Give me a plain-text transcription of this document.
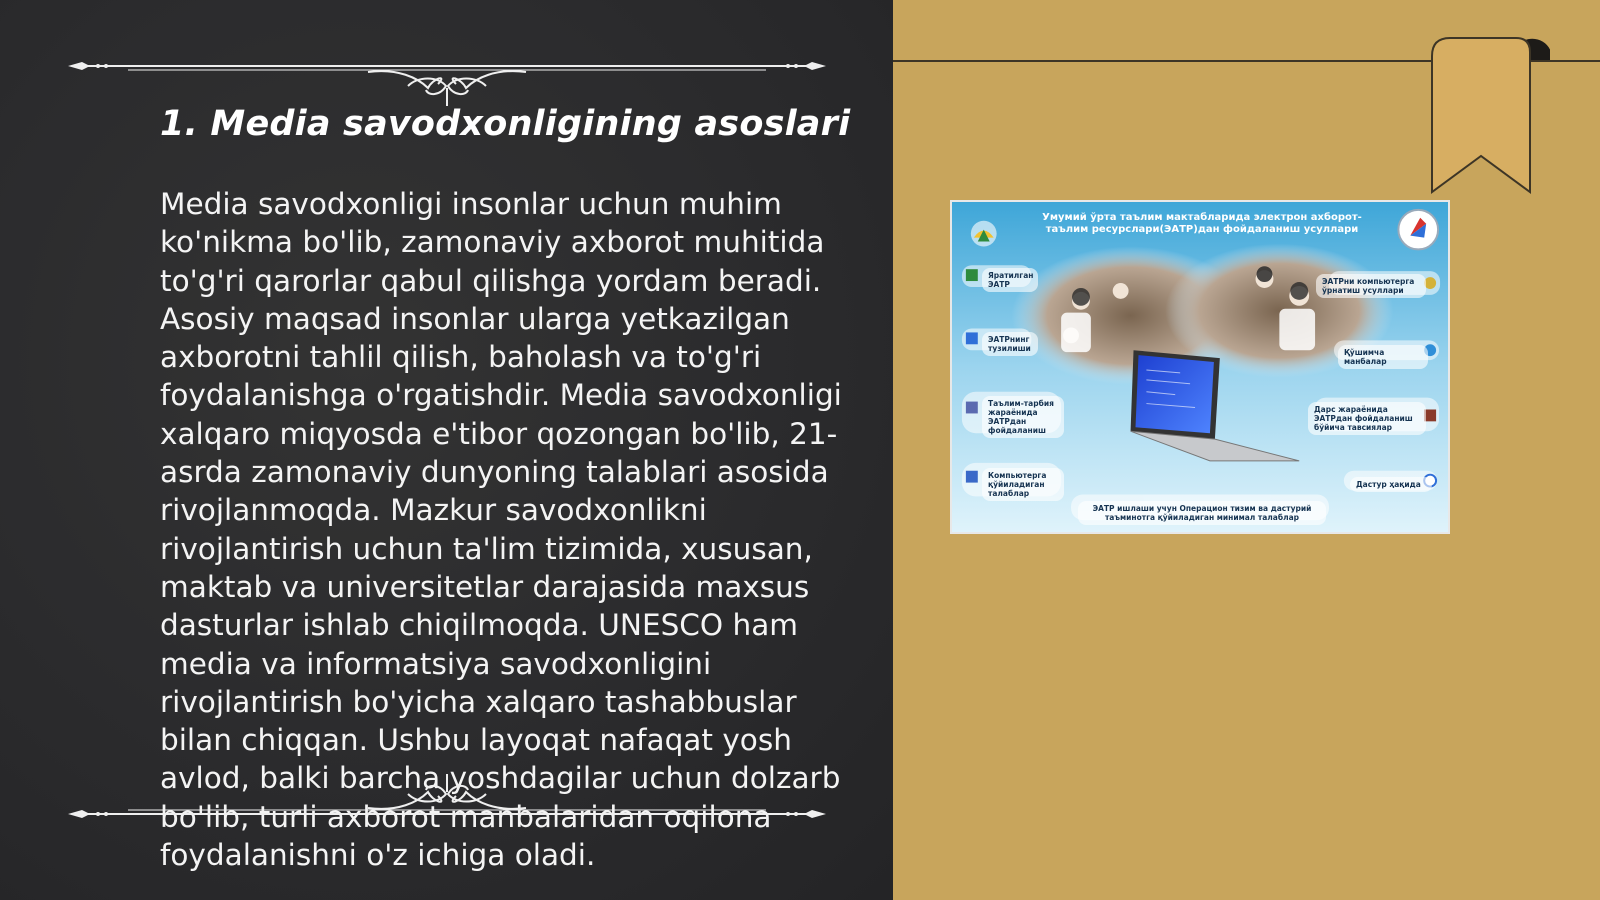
1. Media savodxonligining asoslari

Media savodxonligi insonlar uchun muhim ko'nikma bo'lib, zamonaviy axborot muhitida to'g'ri qarorlar qabul qilishga yordam beradi. Asosiy maqsad insonlar ularga yetkazilgan axborotni tahlil qilish, baholash va to'g'ri foydalanishga o'rgatishdir. Media savodxonligi xalqaro miqyosda e'tibor qozongan bo'lib, 21-asrda zamonaviy dunyoning talablari asosida rivojlanmoqda. Mazkur savodxonlikni rivojlantirish uchun ta'lim tizimida, xususan, maktab va universitetlar darajasida maxsus dasturlar ishlab chiqilmoqda. UNESCO ham media va informatsiya savodxonligini rivojlantirish bo'yicha xalqaro tashabbuslar bilan chiqqan. Ushbu layoqat nafaqat yosh avlod, balki barcha yoshdagilar uchun dolzarb bo'lib, turli axborot manbalaridan oqilona foydalanishni o'z ichiga oladi.

Умумий ўрта таълим мактабларида электрон ахборот-таълим ресурслари(ЭАТР)дан фойдаланиш усуллари
Яратилган ЭАТР
ЭАТРнинг тузилиши
Таълим-тарбия жараёнида ЭАТРдан фойдаланиш
Компьютерга қўйиладиган талаблар
ЭАТРни компьютерга ўрнатиш усуллари
Қўшимча манбалар
Дарс жараёнида ЭАТРдан фойдаланиш бўйича тавсиялар
Дастур ҳақида
ЭАТР ишлаши учун Операцион тизим ва дастурий таъминотга қўйиладиган минимал талаблар
